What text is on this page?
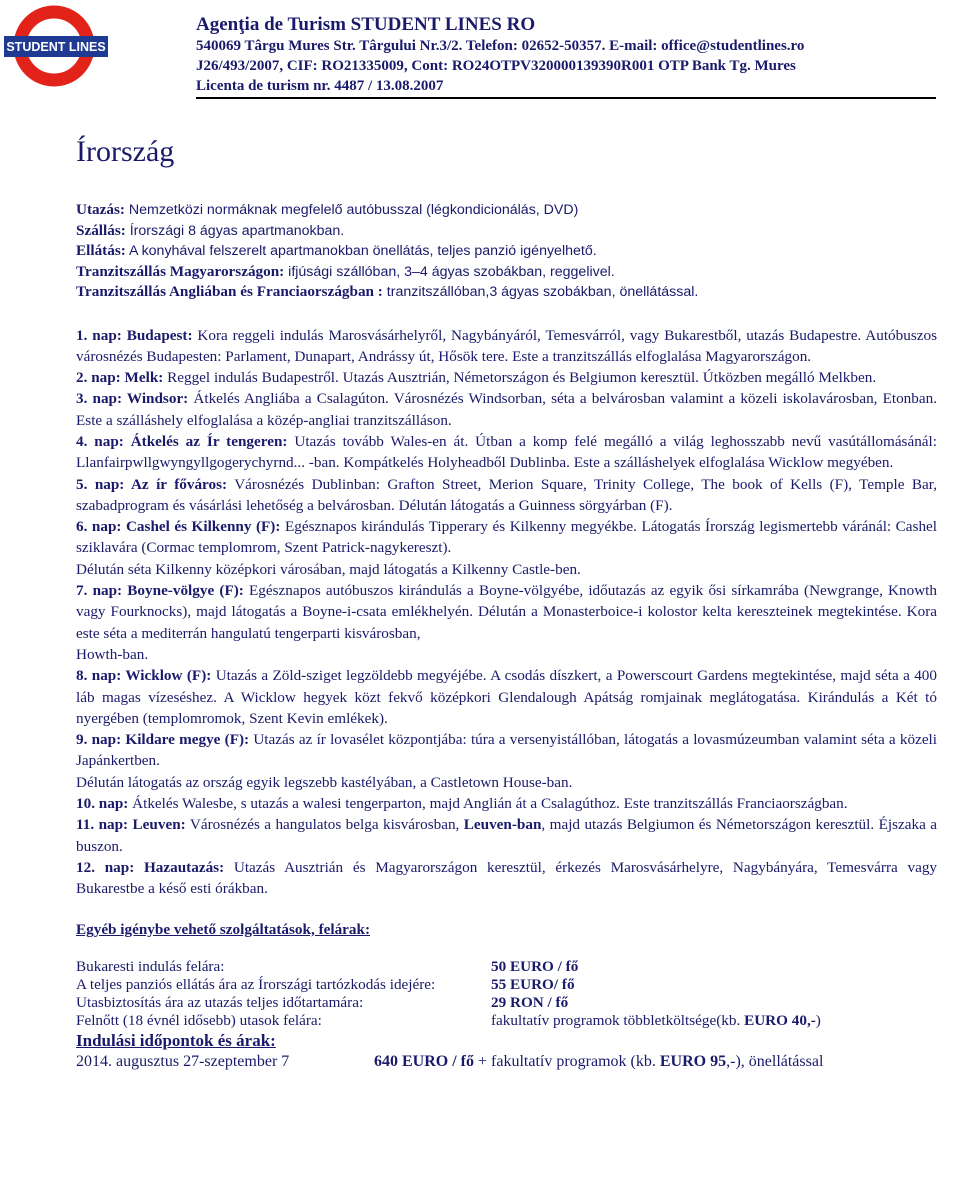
STUDENT LINES
Agenţia de Turism STUDENT LINES RO
540069 Târgu Mures Str. Târgului Nr.3/2. Telefon: 02652-50357. E-mail: office@studentlines.ro
J26/493/2007, CIF: RO21335009, Cont: RO24OTPV320000139390R001 OTP Bank Tg. Mures
Licenta de turism nr. 4487 / 13.08.2007
Írország

Utazás: Nemzetközi normáknak megfelelő autóbusszal (légkondicionálás, DVD)

Szállás: Írországi 8 ágyas apartmanokban.

Ellátás: A konyhával felszerelt apartmanokban önellátás, teljes panzió igényelhető.

Tranzitszállás Magyarországon: ifjúsági szállóban, 3–4 ágyas szobákban, reggelivel.

Tranzitszállás Angliában és Franciaországban : tranzitszállóban,3 ágyas szobákban, önellátással.

1. nap: Budapest: Kora reggeli indulás Marosvásárhelyről, Nagybányáról, Temesvárról, vagy Bukarestből, utazás Budapestre. Autóbuszos városnézés Budapesten: Parlament, Dunapart, Andrássy út, Hősök tere. Este a tranzitszállás elfoglalása Magyarországon.

2. nap: Melk: Reggel indulás Budapestről. Utazás Ausztrián, Németországon és Belgiumon keresztül. Útközben megálló Melkben.

3. nap: Windsor: Átkelés Angliába a Csalagúton. Városnézés Windsorban, séta a belvárosban valamint a közeli iskolavárosban, Etonban. Este a szálláshely elfoglalása a közép-angliai tranzitszálláson.

4. nap: Átkelés az Ír tengeren: Utazás tovább Wales-en át. Útban a komp felé megálló a világ leghosszabb nevű vasútállomásánál: Llanfairpwllgwyngyllgogerychyrnd... -ban. Kompátkelés Holyheadből Dublinba. Este a szálláshelyek elfoglalása Wicklow megyében.

5. nap: Az ír főváros: Városnézés Dublinban: Grafton Street, Merion Square, Trinity College, The book of Kells (F), Temple Bar, szabadprogram és vásárlási lehetőség a belvárosban. Délután látogatás a Guinness sörgyárban (F).

6. nap: Cashel és Kilkenny (F): Egésznapos kirándulás Tipperary és Kilkenny megyékbe. Látogatás Írország legismertebb váránál: Cashel sziklavára (Cormac templomrom, Szent Patrick-nagykereszt).
Délután séta Kilkenny középkori városában, majd látogatás a Kilkenny Castle-ben.

7. nap: Boyne-völgye (F): Egésznapos autóbuszos kirándulás a Boyne-völgyébe, időutazás az egyik ősi sírkamrába (Newgrange, Knowth vagy Fourknocks), majd látogatás a Boyne-i-csata emlékhelyén. Délután a Monasterboice-i kolostor kelta kereszteinek megtekintése. Kora este séta a mediterrán hangulatú tengerparti kisvárosban,
Howth-ban.

8. nap: Wicklow (F): Utazás a Zöld-sziget legzöldebb megyéjébe. A csodás díszkert, a Powerscourt Gardens megtekintése, majd séta a 400 láb magas vízeséshez. A Wicklow hegyek közt fekvő középkori Glendalough Apátság romjainak meglátogatása. Kirándulás a Két tó nyergében (templomromok, Szent Kevin emlékek).

9. nap: Kildare megye (F): Utazás az ír lovasélet központjába: túra a versenyistállóban, látogatás a lovasmúzeumban valamint séta a közeli Japánkertben.
Délután látogatás az ország egyik legszebb kastélyában, a Castletown House-ban.

10. nap: Átkelés Walesbe, s utazás a walesi tengerparton, majd Anglián át a Csalagúthoz. Este tranzitszállás Franciaországban.

11. nap: Leuven: Városnézés a hangulatos belga kisvárosban, Leuven-ban, majd utazás Belgiumon és Németországon keresztül. Éjszaka a buszon.

12. nap: Hazautazás: Utazás Ausztrián és Magyarországon keresztül, érkezés Marosvásárhelyre, Nagybányára, Temesvárra vagy Bukarestbe a késő esti órákban.

Egyéb igénybe vehető szolgáltatások, felárak:
Bukaresti indulás felára:	50 EURO / fő
A teljes panziós ellátás ára az Írországi tartózkodás idejére:	55 EURO/ fő
Utasbiztosítás ára az utazás teljes időtartamára:	29 RON / fő
Felnőtt (18 évnél idősebb) utasok felára:	fakultatív programok többletköltsége(kb. EURO 40,-)
Indulási időpontok és árak:
2014. augusztus 27-szeptember 7	640 EURO / fő + fakultatív programok (kb. EURO 95,-), önellátással
